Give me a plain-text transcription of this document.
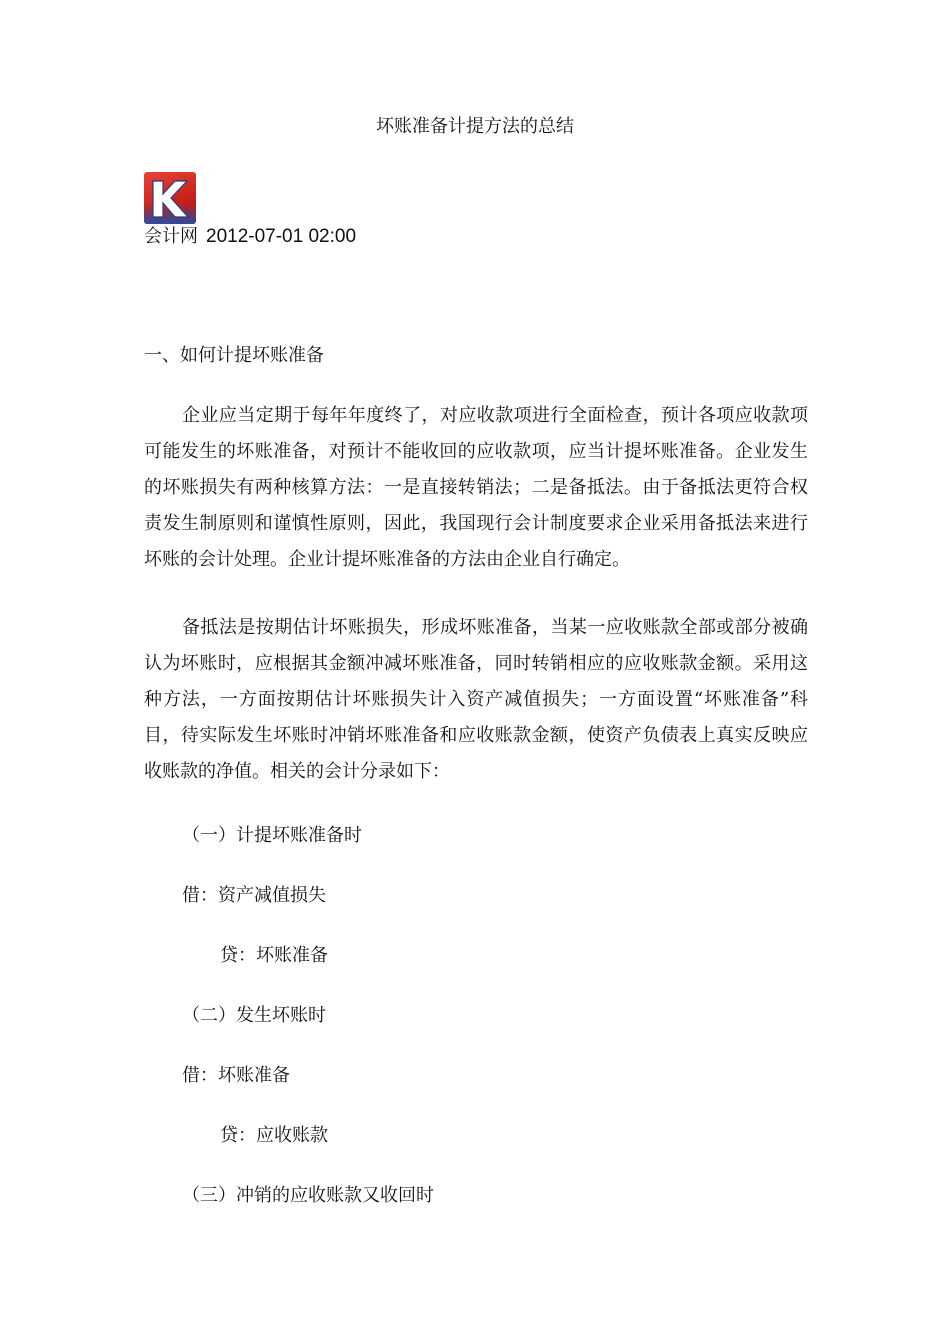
坏账准备计提方法的总结
会计网 2012-07-01 02:00
一、如何计提坏账准备

企业应当定期于每年年度终了，对应收款项进行全面检查，预计各项应收款项可能发生的坏账准备，对预计不能收回的应收款项，应当计提坏账准备。企业发生的坏账损失有两种核算方法：一是直接转销法；二是备抵法。由于备抵法更符合权责发生制原则和谨慎性原则，因此，我国现行会计制度要求企业采用备抵法来进行坏账的会计处理。企业计提坏账准备的方法由企业自行确定。

备抵法是按期估计坏账损失，形成坏账准备，当某一应收账款全部或部分被确认为坏账时，应根据其金额冲减坏账准备，同时转销相应的应收账款金额。采用这种方法，一方面按期估计坏账损失计入资产减值损失；一方面设置“坏账准备”科目，待实际发生坏账时冲销坏账准备和应收账款金额，使资产负债表上真实反映应收账款的净值。相关的会计分录如下：

（一）计提坏账准备时
借：资产减值损失
贷：坏账准备
（二）发生坏账时
借：坏账准备
贷：应收账款
（三）冲销的应收账款又收回时
